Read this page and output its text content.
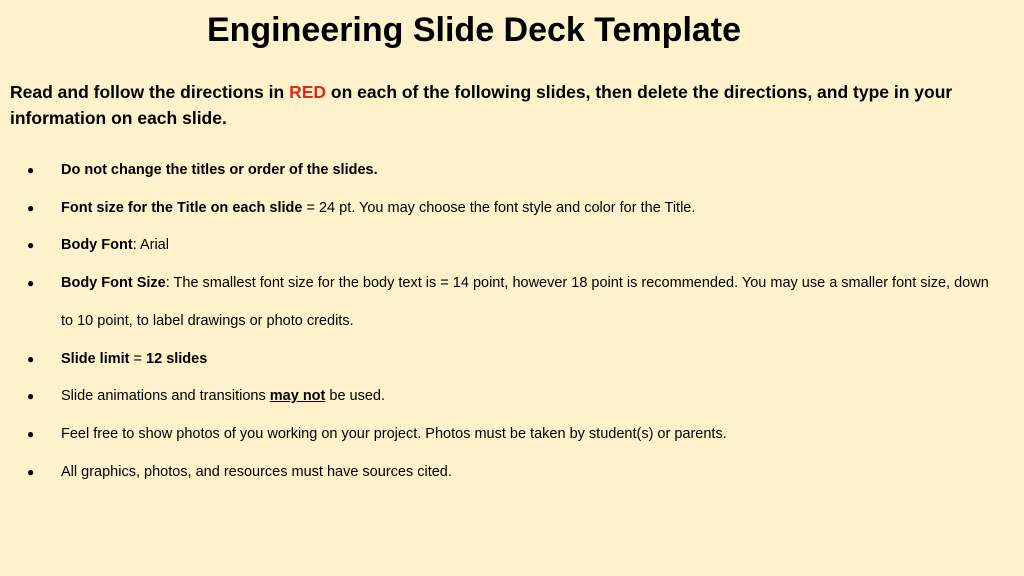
Engineering Slide Deck Template
Read and follow the directions in RED on each of the following slides, then delete the directions, and type in your information on each slide.
● Do not change the titles or order of the slides.
● Font size for the Title on each slide = 24 pt. You may choose the font style and color for the Title.
● Body Font: Arial
● Body Font Size: The smallest font size for the body text is = 14 point, however 18 point is recommended. You may use a smaller font size, down to 10 point, to label drawings or photo credits.
● Slide limit = 12 slides
● Slide animations and transitions may not be used.
● Feel free to show photos of you working on your project. Photos must be taken by student(s) or parents.
● All graphics, photos, and resources must have sources cited.
